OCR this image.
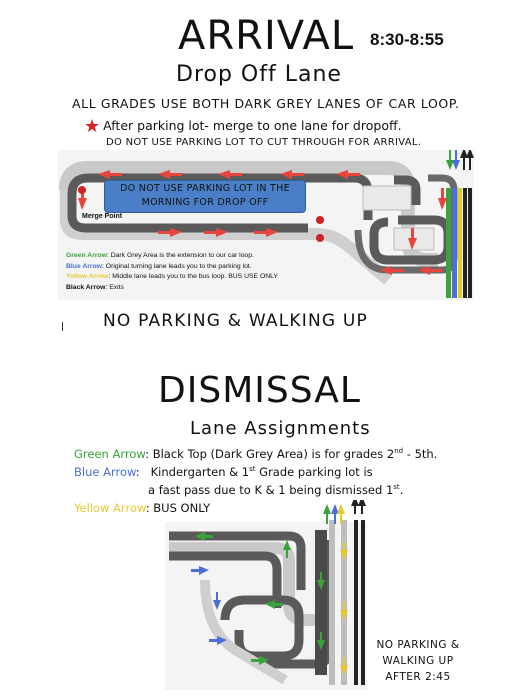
ARRIVAL 8:30-8:55
Drop Off Lane
ALL GRADES USE BOTH DARK GREY LANES OF CAR LOOP.
★ After parking lot- merge to one lane for dropoff.
DO NOT USE PARKING LOT TO CUT THROUGH FOR ARRIVAL.
DO NOT USE PARKING LOT IN THE MORNING FOR DROP OFF
Merge Point
Green Arrow: Dark Grey Area is the extension to our car loop.
Blue Arrow: Original turning lane leads you to the parking lot.
Yellow Arrow: Middle lane leads you to the bus loop. BUS USE ONLY
Black Arrow: Exits
NO PARKING & WALKING UP
DISMISSAL
Lane Assignments
Green Arrow: Black Top (Dark Grey Area) is for grades 2nd - 5th.
Blue Arrow:   Kindergarten & 1st Grade parking lot is
a fast pass due to K & 1 being dismissed 1st.
Yellow Arrow: BUS ONLY
NO PARKING &
WALKING UP
AFTER 2:45
